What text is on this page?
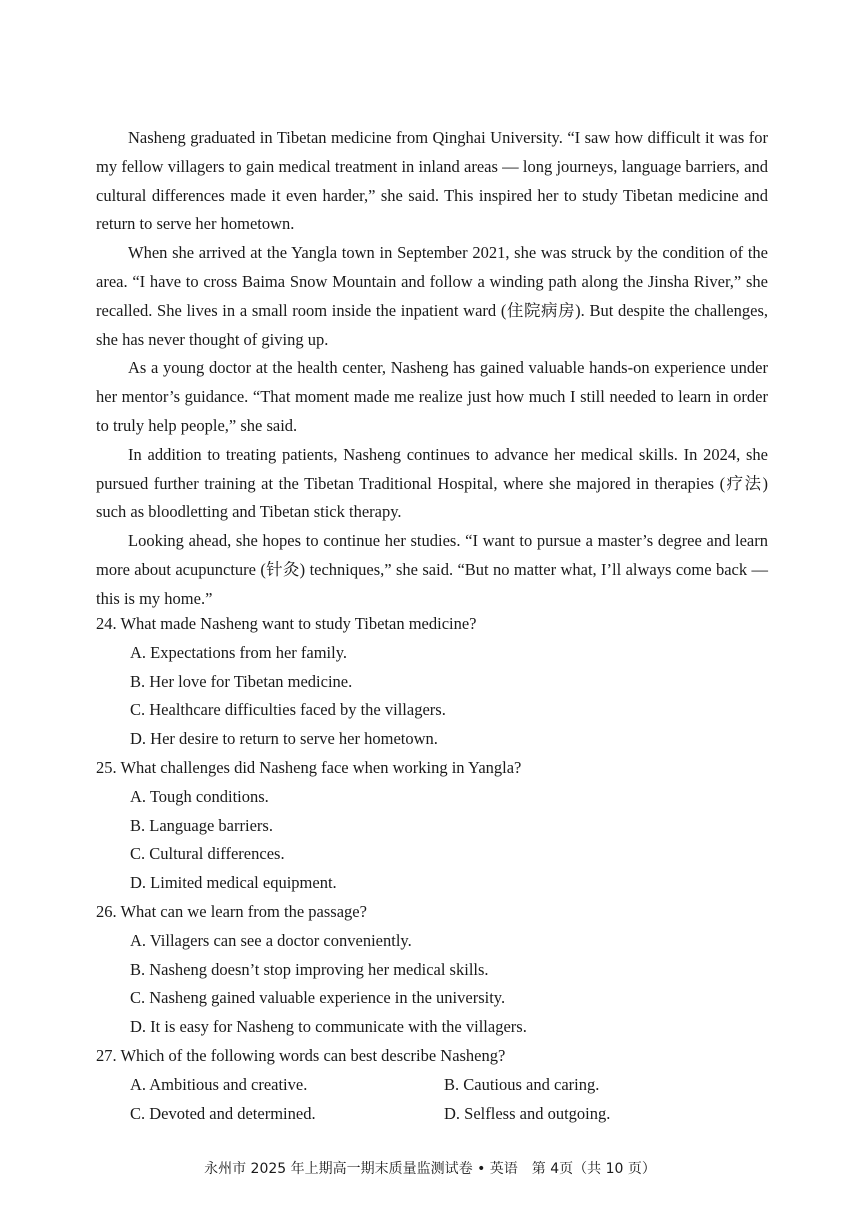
Nasheng graduated in Tibetan medicine from Qinghai University. “I saw how difficult it was for my fellow villagers to gain medical treatment in inland areas — long journeys, language barriers, and cultural differences made it even harder,” she said. This inspired her to study Tibetan medicine and return to serve her hometown.

When she arrived at the Yangla town in September 2021, she was struck by the condition of the area. “I have to cross Baima Snow Mountain and follow a winding path along the Jinsha River,” she recalled. She lives in a small room inside the inpatient ward (住院病房). But despite the challenges, she has never thought of giving up.

As a young doctor at the health center, Nasheng has gained valuable hands-on experience under her mentor’s guidance. “That moment made me realize just how much I still needed to learn in order to truly help people,” she said.

In addition to treating patients, Nasheng continues to advance her medical skills. In 2024, she pursued further training at the Tibetan Traditional Hospital, where she majored in therapies (疗法) such as bloodletting and Tibetan stick therapy.

Looking ahead, she hopes to continue her studies. “I want to pursue a master’s degree and learn more about acupuncture (针灸) techniques,” she said. “But no matter what, I’ll always come back — this is my home.”

24. What made Nasheng want to study Tibetan medicine?

A. Expectations from her family.

B. Her love for Tibetan medicine.

C. Healthcare difficulties faced by the villagers.

D. Her desire to return to serve her hometown.

25. What challenges did Nasheng face when working in Yangla?

A. Tough conditions.

B. Language barriers.

C. Cultural differences.

D. Limited medical equipment.

26. What can we learn from the passage?

A. Villagers can see a doctor conveniently.

B. Nasheng doesn’t stop improving her medical skills.

C. Nasheng gained valuable experience in the university.

D. It is easy for Nasheng to communicate with the villagers.

27. Which of the following words can best describe Nasheng?

A. Ambitious and creative.	B. Cautious and caring.

C. Devoted and determined.	D. Selfless and outgoing.

永州市 2025 年上期高一期末质量监测试卷 • 英语　第 4页（共 10 页）
